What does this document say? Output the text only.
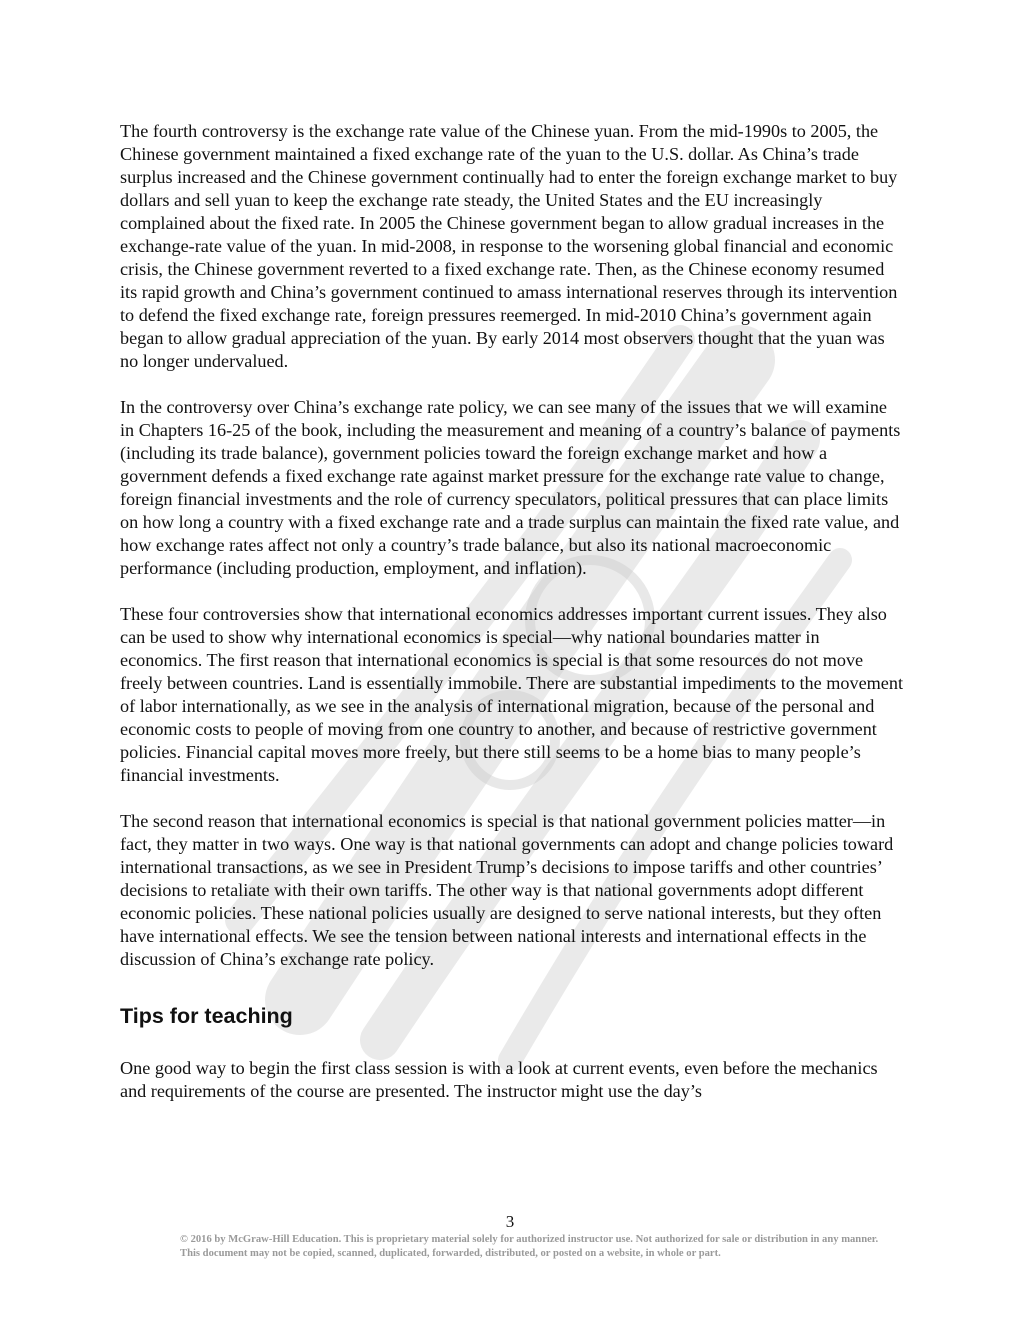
The fourth controversy is the exchange rate value of the Chinese yuan. From the mid-1990s to 2005, the Chinese government maintained a fixed exchange rate of the yuan to the U.S. dollar. As China’s trade surplus increased and the Chinese government continually had to enter the foreign exchange market to buy dollars and sell yuan to keep the exchange rate steady, the United States and the EU increasingly complained about the fixed rate. In 2005 the Chinese government began to allow gradual increases in the exchange-rate value of the yuan. In mid-2008, in response to the worsening global financial and economic crisis, the Chinese government reverted to a fixed exchange rate. Then, as the Chinese economy resumed its rapid growth and China’s government continued to amass international reserves through its intervention to defend the fixed exchange rate, foreign pressures reemerged. In mid-2010 China’s government again began to allow gradual appreciation of the yuan. By early 2014 most observers thought that the yuan was no longer undervalued.

In the controversy over China’s exchange rate policy, we can see many of the issues that we will examine in Chapters 16-25 of the book, including the measurement and meaning of a country’s balance of payments (including its trade balance), government policies toward the foreign exchange market and how a government defends a fixed exchange rate against market pressure for the exchange rate value to change, foreign financial investments and the role of currency speculators, political pressures that can place limits on how long a country with a fixed exchange rate and a trade surplus can maintain the fixed rate value, and how exchange rates affect not only a country’s trade balance, but also its national macroeconomic performance (including production, employment, and inflation).

These four controversies show that international economics addresses important current issues. They also can be used to show why international economics is special—why national boundaries matter in economics. The first reason that international economics is special is that some resources do not move freely between countries. Land is essentially immobile. There are substantial impediments to the movement of labor internationally, as we see in the analysis of international migration, because of the personal and economic costs to people of moving from one country to another, and because of restrictive government policies. Financial capital moves more freely, but there still seems to be a home bias to many people’s financial investments.

The second reason that international economics is special is that national government policies matter—in fact, they matter in two ways. One way is that national governments can adopt and change policies toward international transactions, as we see in President Trump’s decisions to impose tariffs and other countries’ decisions to retaliate with their own tariffs. The other way is that national governments adopt different economic policies. These national policies usually are designed to serve national interests, but they often have international effects. We see the tension between national interests and international effects in the discussion of China’s exchange rate policy.

Tips for teaching

One good way to begin the first class session is with a look at current events, even before the mechanics and requirements of the course are presented. The instructor might use the day’s

3
© 2016 by McGraw-Hill Education. This is proprietary material solely for authorized instructor use. Not authorized for sale or distribution in any manner. This document may not be copied, scanned, duplicated, forwarded, distributed, or posted on a website, in whole or part.
